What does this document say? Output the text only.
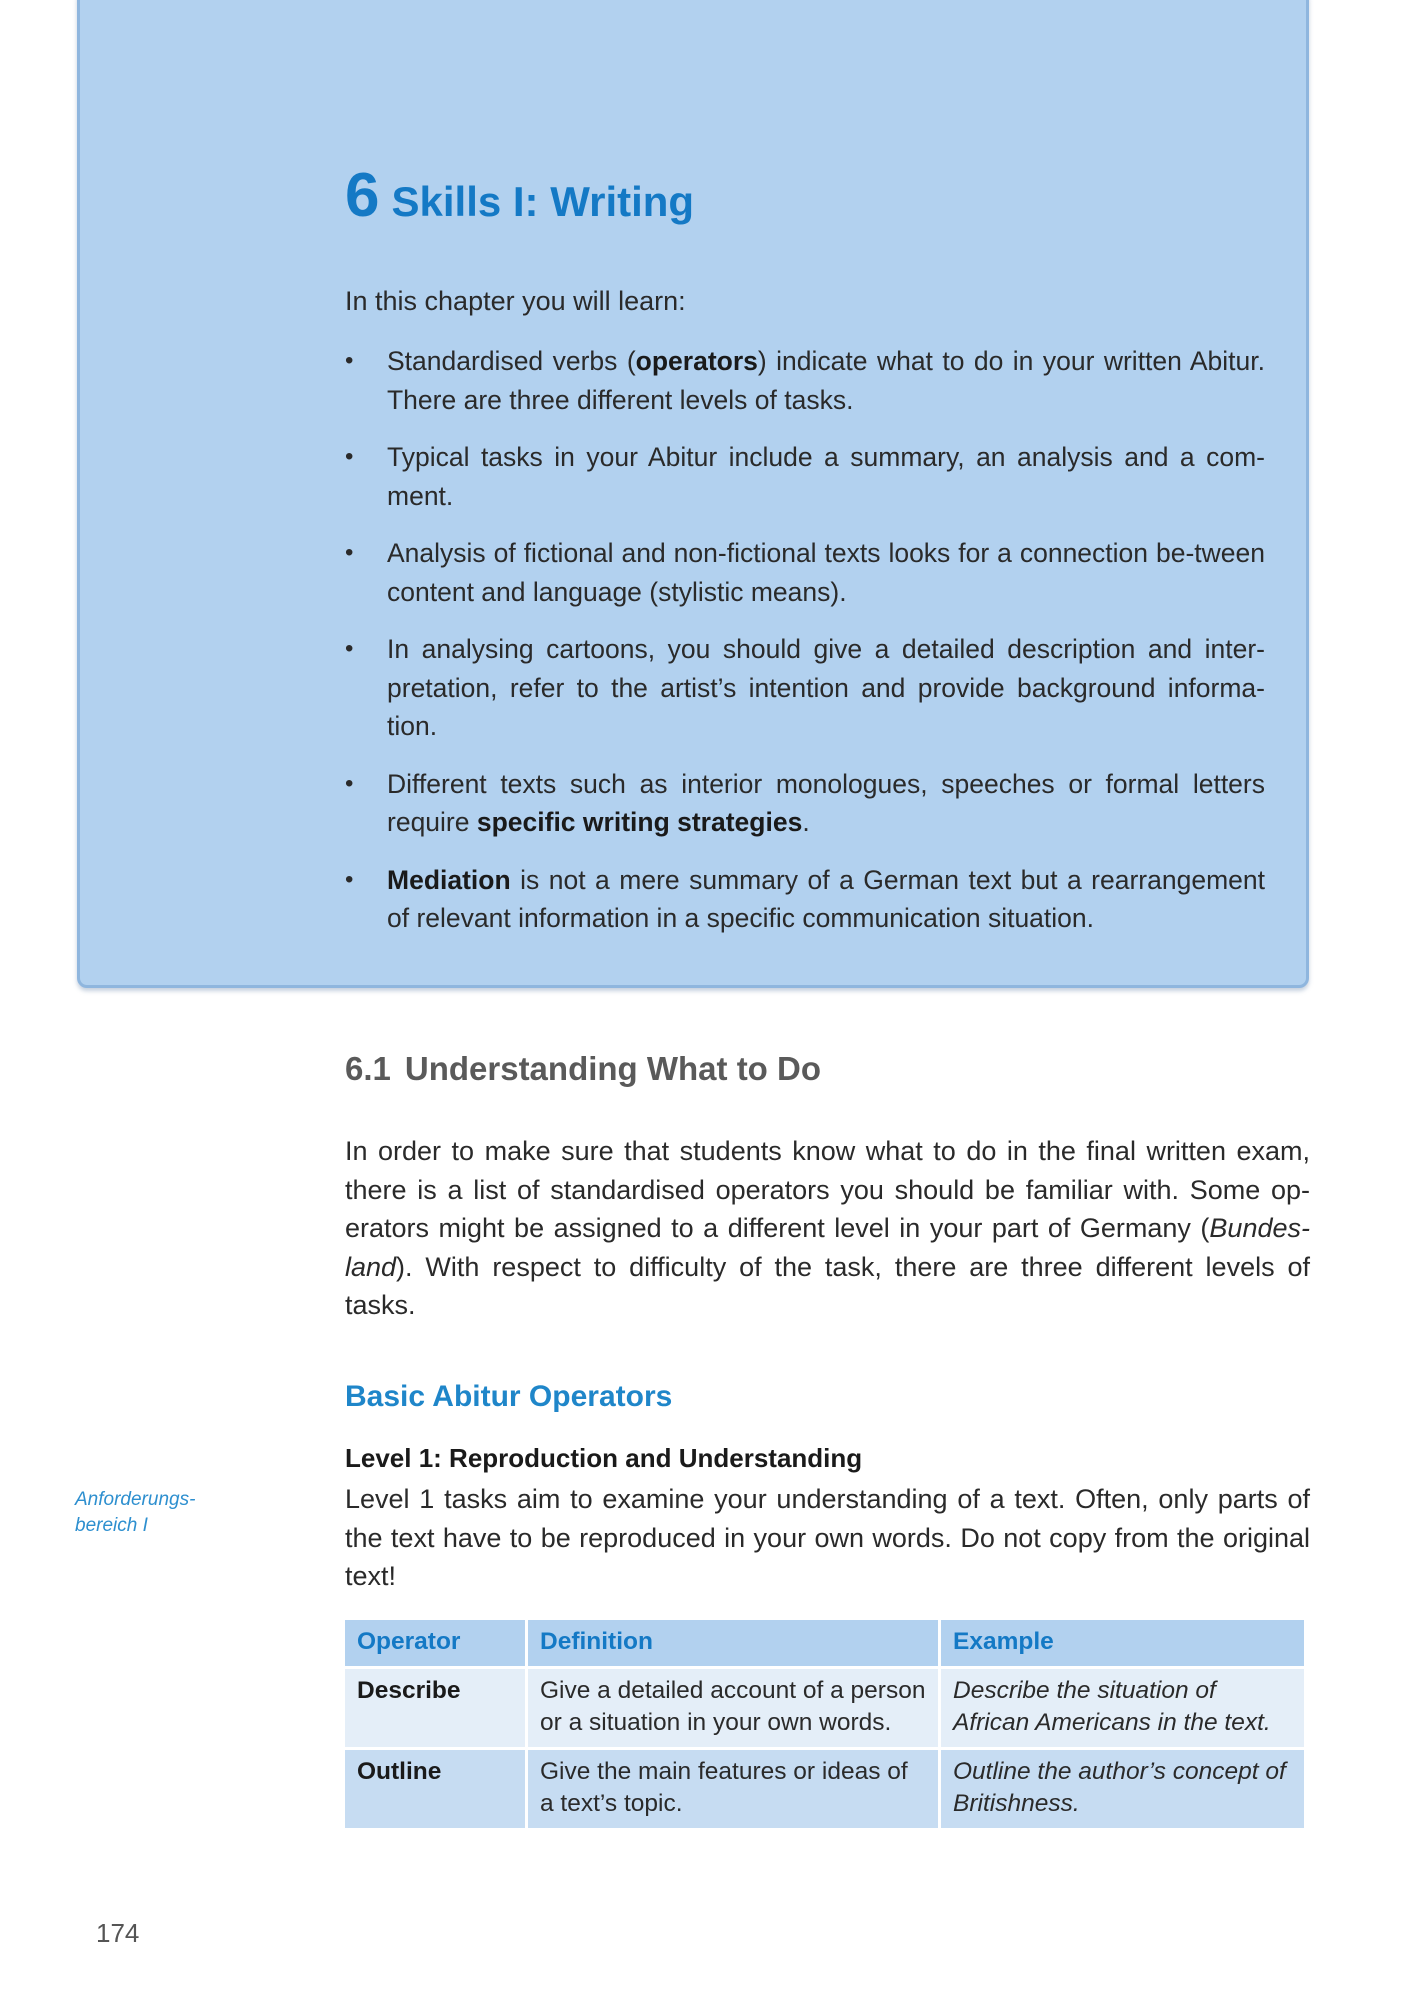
6 Skills I: Writing

In this chapter you will learn:

• Standardised verbs (operators) indicate what to do in your written Abitur. There are three different levels of tasks.
• Typical tasks in your Abitur include a summary, an analysis and a com-ment.
• Analysis of fictional and non-fictional texts looks for a connection be-tween content and language (stylistic means).
• In analysing cartoons, you should give a detailed description and inter-pretation, refer to the artist’s intention and provide background informa-tion.
• Different texts such as interior monologues, speeches or formal letters require specific writing strategies.
• Mediation is not a mere summary of a German text but a rearrangement of relevant information in a specific communication situation.
6.1 Understanding What to Do

In order to make sure that students know what to do in the final written exam, there is a list of standardised operators you should be familiar with. Some op-erators might be assigned to a different level in your part of Germany (Bundes-land). With respect to difficulty of the task, there are three different levels of tasks.

Basic Abitur Operators

Level 1: Reproduction and Understanding

Anforderungs-bereich I

Level 1 tasks aim to examine your understanding of a text. Often, only parts of the text have to be reproduced in your own words. Do not copy from the original text!

Operator	Definition	Example
Describe	Give a detailed account of a person or a situation in your own words.	Describe the situation of African Americans in the text.
Outline	Give the main features or ideas of a text’s topic.	Outline the author’s concept of Britishness.

174
